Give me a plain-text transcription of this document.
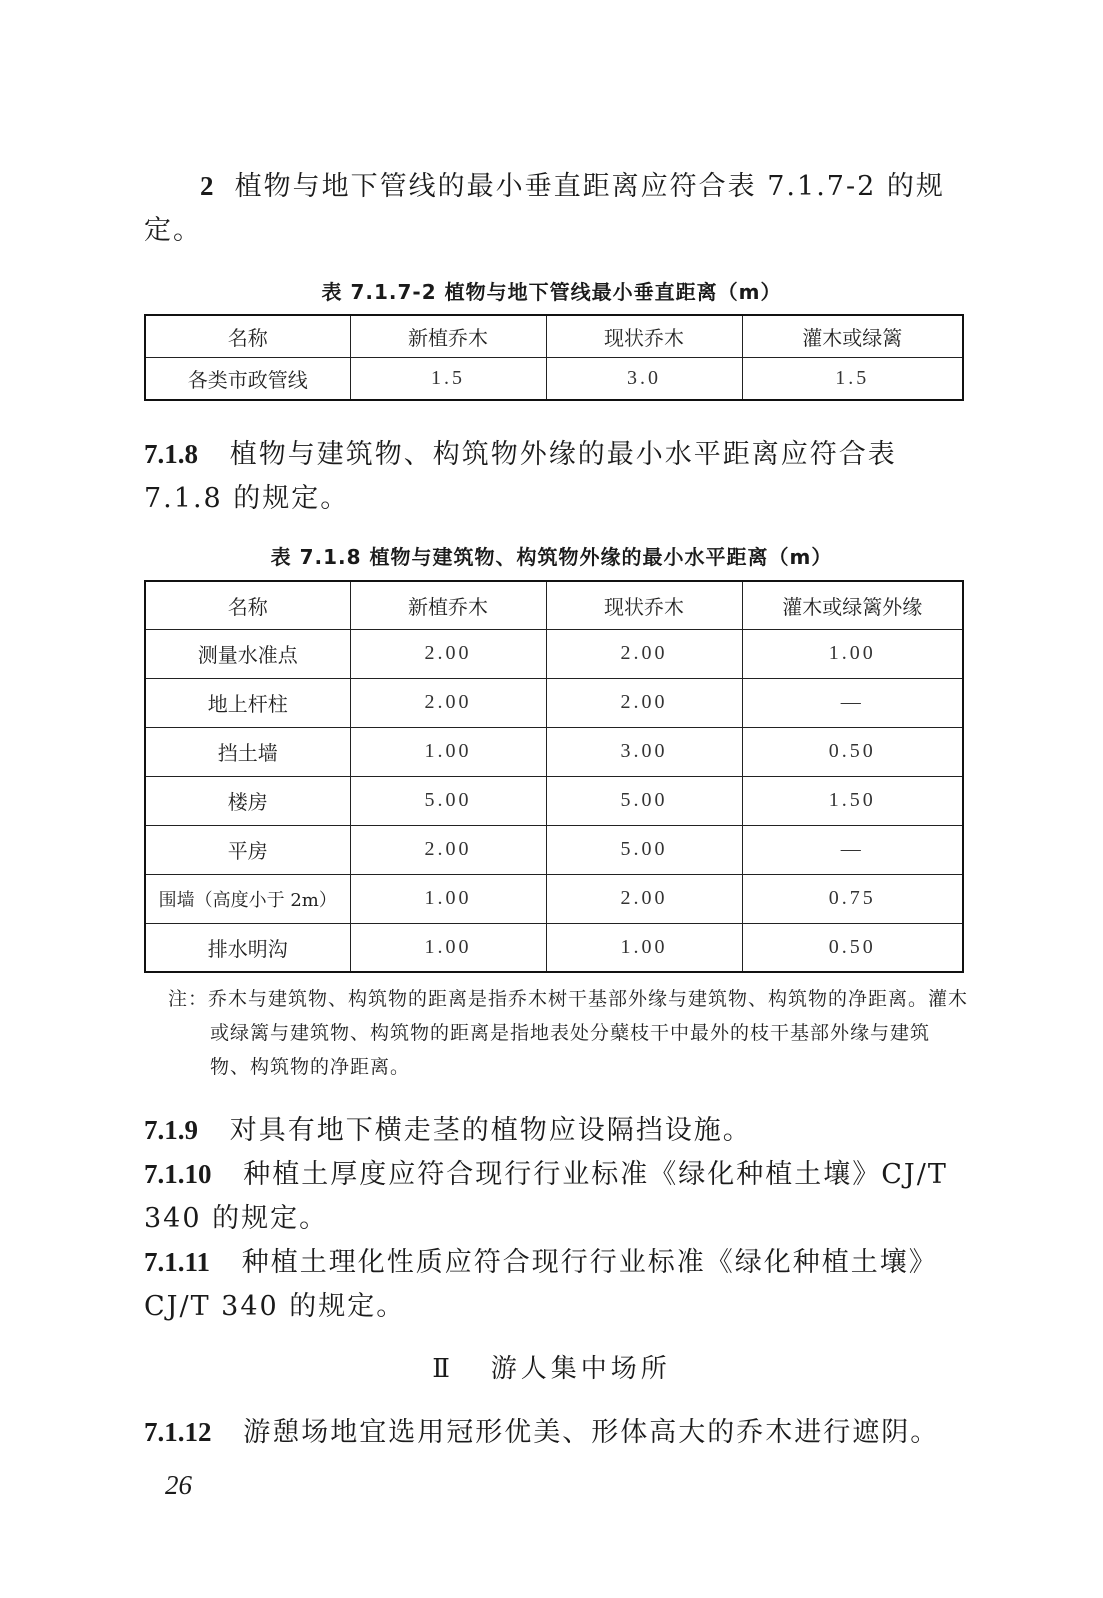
2 植物与地下管线的最小垂直距离应符合表 7.1.7-2 的规定。
表 7.1.7-2 植物与地下管线最小垂直距离（m）
名称	新植乔木	现状乔木	灌木或绿篱
各类市政管线	1.5	3.0	1.5
7.1.8 植物与建筑物、构筑物外缘的最小水平距离应符合表 7.1.8 的规定。
表 7.1.8 植物与建筑物、构筑物外缘的最小水平距离（m）
名称	新植乔木	现状乔木	灌木或绿篱外缘
测量水准点	2.00	2.00	1.00
地上杆柱	2.00	2.00	—
挡土墙	1.00	3.00	0.50
楼房	5.00	5.00	1.50
平房	2.00	5.00	—
围墙（高度小于 2m）	1.00	2.00	0.75
排水明沟	1.00	1.00	0.50
注：乔木与建筑物、构筑物的距离是指乔木树干基部外缘与建筑物、构筑物的净距离。灌木或绿篱与建筑物、构筑物的距离是指地表处分蘖枝干中最外的枝干基部外缘与建筑物、构筑物的净距离。
7.1.9 对具有地下横走茎的植物应设隔挡设施。
7.1.10 种植土厚度应符合现行行业标准《绿化种植土壤》CJ/T 340 的规定。
7.1.11 种植土理化性质应符合现行行业标准《绿化种植土壤》CJ/T 340 的规定。
Ⅱ 游人集中场所
7.1.12 游憩场地宜选用冠形优美、形体高大的乔木进行遮阴。
26
